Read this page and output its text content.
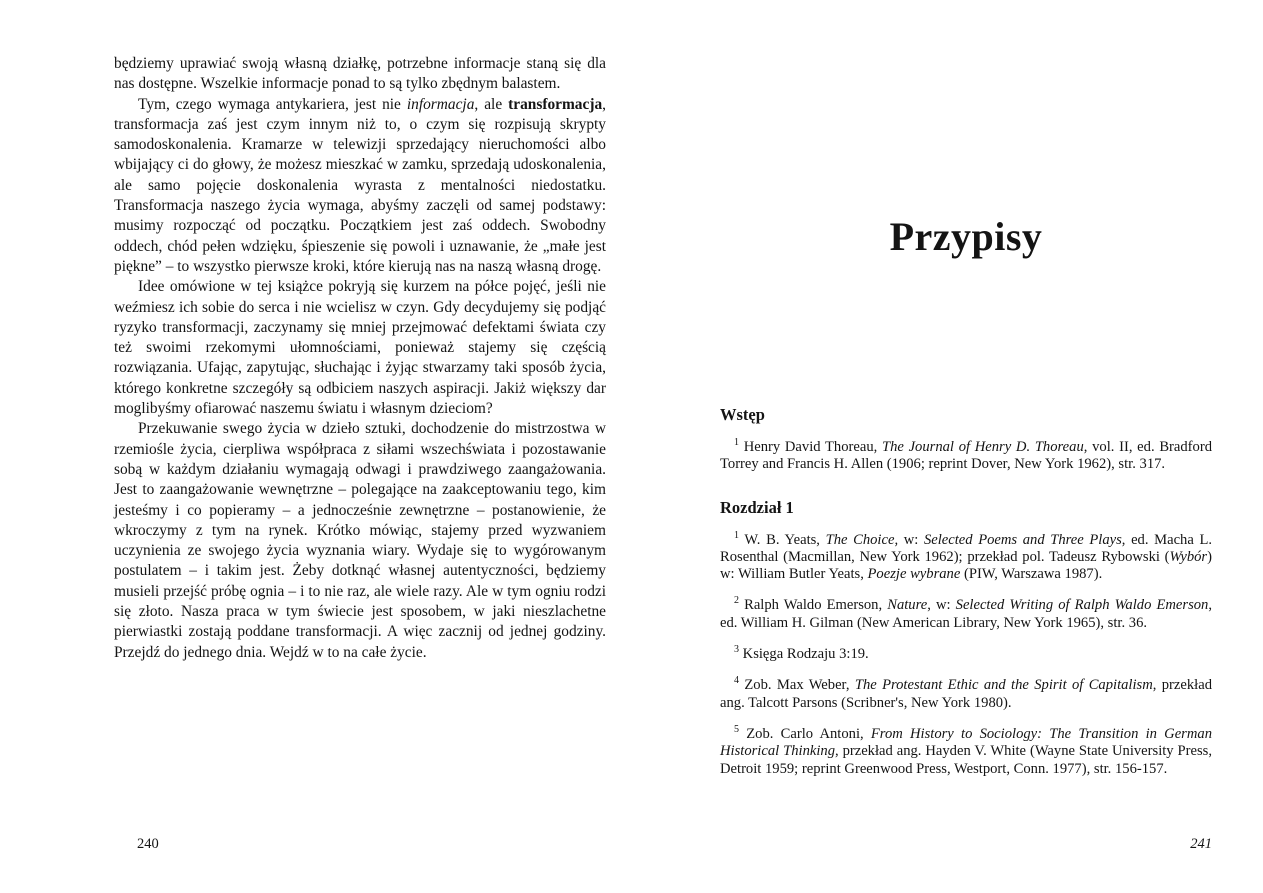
będziemy uprawiać swoją własną działkę, potrzebne informacje staną się dla nas dostępne. Wszelkie informacje ponad to są tylko zbędnym balastem.

Tym, czego wymaga antykariera, jest nie informacja, ale transformacja, transformacja zaś jest czym innym niż to, o czym się rozpisują skrypty samodoskonalenia. Kramarze w telewizji sprzedający nieruchomości albo wbijający ci do głowy, że możesz mieszkać w zamku, sprzedają udoskonalenia, ale samo pojęcie doskonalenia wyrasta z mentalności niedostatku. Transformacja naszego życia wymaga, abyśmy zaczęli od samej podstawy: musimy rozpocząć od początku. Początkiem jest zaś oddech. Swobodny oddech, chód pełen wdzięku, śpieszenie się powoli i uznawanie, że „małe jest piękne” – to wszystko pierwsze kroki, które kierują nas na naszą własną drogę.

Idee omówione w tej książce pokryją się kurzem na półce pojęć, jeśli nie weźmiesz ich sobie do serca i nie wcielisz w czyn. Gdy decydujemy się podjąć ryzyko transformacji, zaczynamy się mniej przejmować defektami świata czy też swoimi rzekomymi ułomnościami, ponieważ stajemy się częścią rozwiązania. Ufając, zapytując, słuchając i żyjąc stwarzamy taki sposób życia, którego konkretne szczegóły są odbiciem naszych aspiracji. Jakiż większy dar moglibyśmy ofiarować naszemu światu i własnym dzieciom?

Przekuwanie swego życia w dzieło sztuki, dochodzenie do mistrzostwa w rzemiośle życia, cierpliwa współpraca z siłami wszechświata i pozostawanie sobą w każdym działaniu wymagają odwagi i prawdziwego zaangażowania. Jest to zaangażowanie wewnętrzne – polegające na zaakceptowaniu tego, kim jesteśmy i co popieramy – a jednocześnie zewnętrzne – postanowienie, że wkroczymy z tym na rynek. Krótko mówiąc, stajemy przed wyzwaniem uczynienia ze swojego życia wyznania wiary. Wydaje się to wygórowanym postulatem – i takim jest. Żeby dotknąć własnej autentyczności, będziemy musieli przejść próbę ognia – i to nie raz, ale wiele razy. Ale w tym ogniu rodzi się złoto. Nasza praca w tym świecie jest sposobem, w jaki nieszlachetne pierwiastki zostają poddane transformacji. A więc zacznij od jednej godziny. Przejdź do jednego dnia. Wejdź w to na całe życie.

240
Przypisy
Wstęp

$^1$ Henry David Thoreau, The Journal of Henry D. Thoreau, vol. II, ed. Bradford Torrey and Francis H. Allen (1906; reprint Dover, New York 1962), str. 317.

Rozdział 1

$^1$ W. B. Yeats, The Choice, w: Selected Poems and Three Plays, ed. Macha L. Rosenthal (Macmillan, New York 1962); przekład pol. Tadeusz Rybowski (Wybór) w: William Butler Yeats, Poezje wybrane (PIW, Warszawa 1987).

$^2$ Ralph Waldo Emerson, Nature, w: Selected Writing of Ralph Waldo Emerson, ed. William H. Gilman (New American Library, New York 1965), str. 36.

$^3$ Księga Rodzaju 3:19.

$^4$ Zob. Max Weber, The Protestant Ethic and the Spirit of Capitalism, przekład ang. Talcott Parsons (Scribner's, New York 1980).

$^5$ Zob. Carlo Antoni, From History to Sociology: The Transition in German Historical Thinking, przekład ang. Hayden V. White (Wayne State University Press, Detroit 1959; reprint Greenwood Press, Westport, Conn. 1977), str. 156-157.

241
